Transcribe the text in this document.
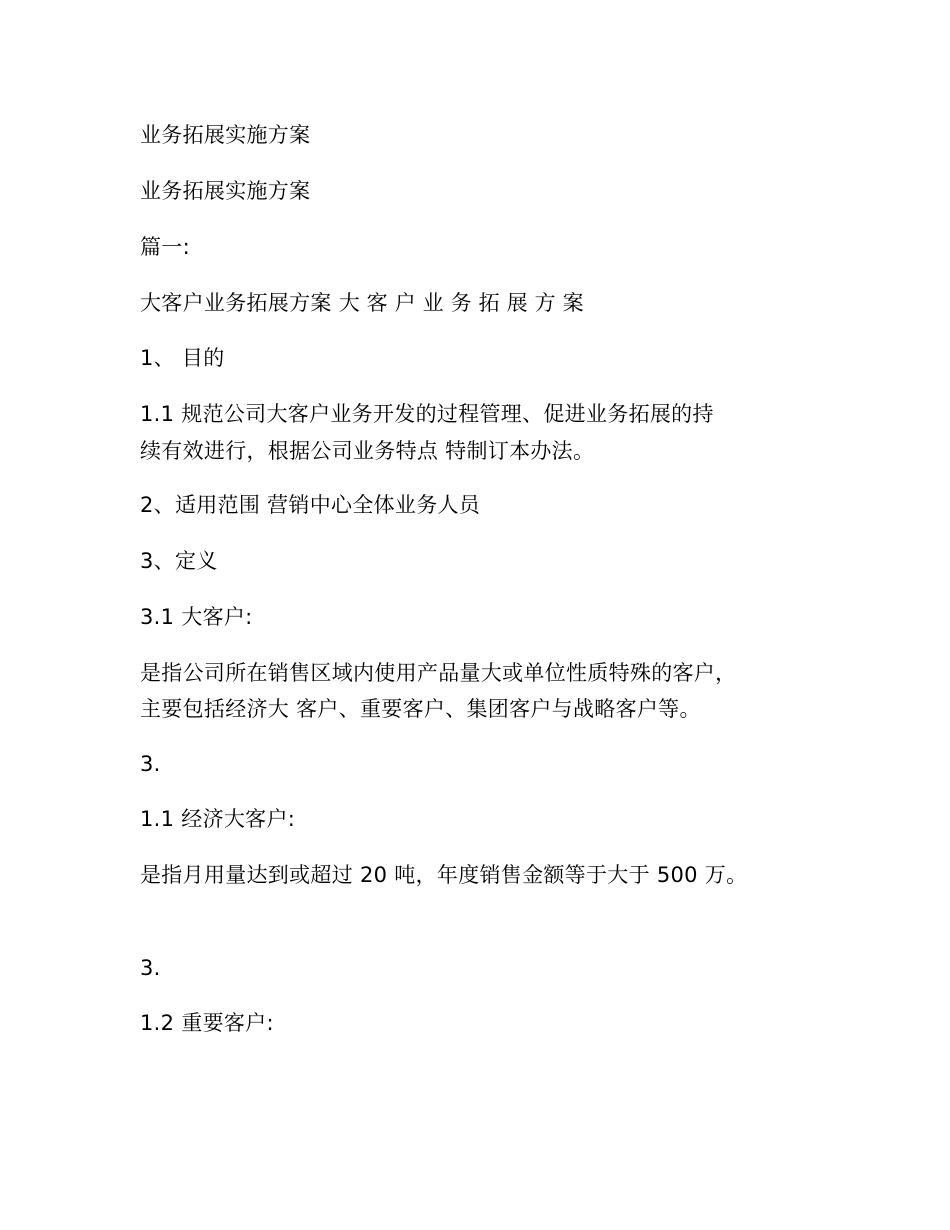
业务拓展实施方案

业务拓展实施方案

篇一:

大客户业务拓展方案 大客户业务拓展方案

1、 目的

1.1 规范公司大客户业务开发的过程管理、促进业务拓展的持

续有效进行，根据公司业务特点 特制订本办法。

2、适用范围 营销中心全体业务人员

3、定义

3.1 大客户:

是指公司所在销售区域内使用产品量大或单位性质特殊的客户，

主要包括经济大 客户、重要客户、集团客户与战略客户等。

3.

1.1 经济大客户:

是指月用量达到或超过 20 吨，年度销售金额等于大于 500 万。

3.

1.2 重要客户:
